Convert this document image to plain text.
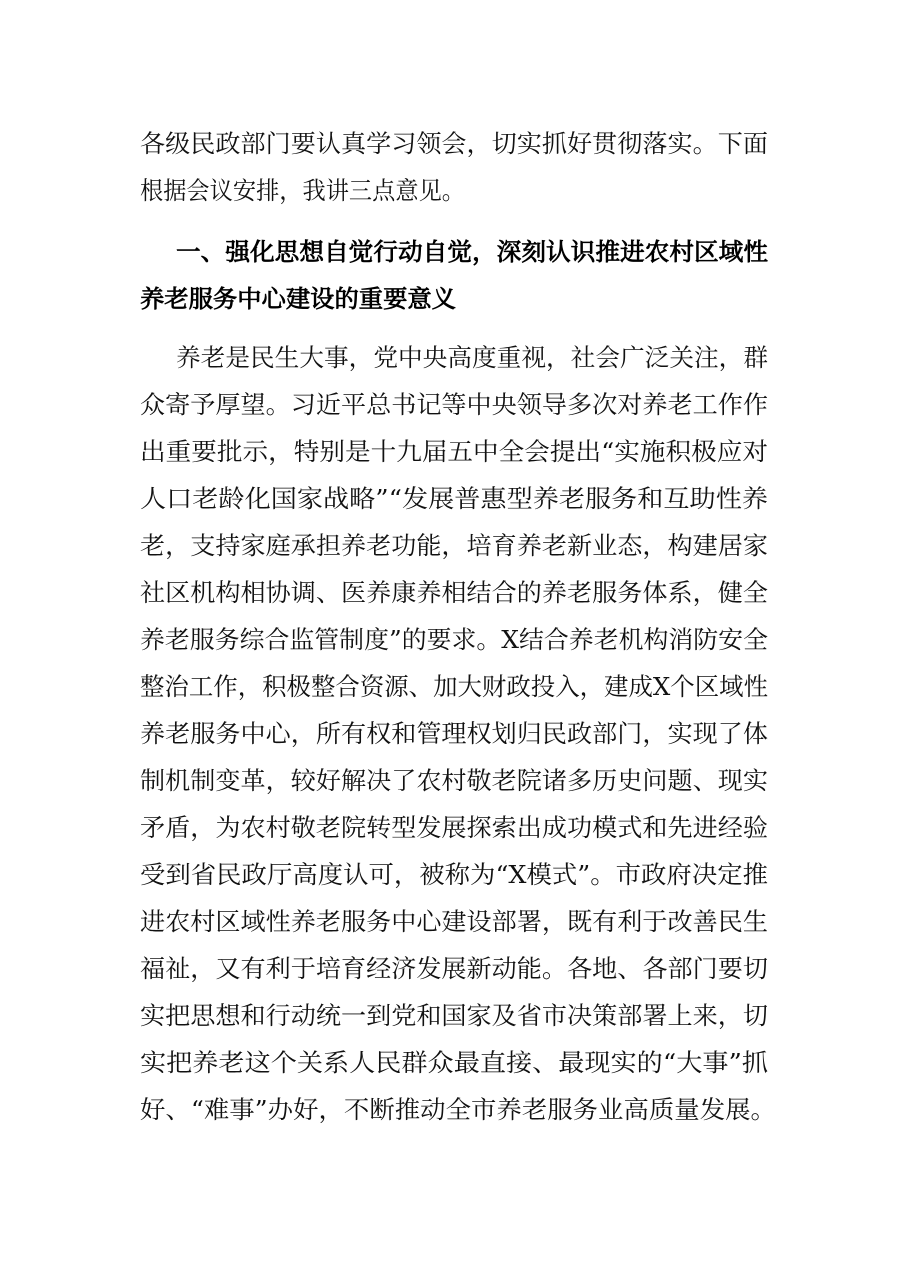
各级民政部门要认真学习领会，切实抓好贯彻落实。下面
根据会议安排，我讲三点意见。
一、强化思想自觉行动自觉，深刻认识推进农村区域性
养老服务中心建设的重要意义
养老是民生大事，党中央高度重视，社会广泛关注，群
众寄予厚望。习近平总书记等中央领导多次对养老工作作
出重要批示，特别是十九届五中全会提出“实施积极应对
人口老龄化国家战略”“发展普惠型养老服务和互助性养
老，支持家庭承担养老功能，培育养老新业态，构建居家
社区机构相协调、医养康养相结合的养老服务体系，健全
养老服务综合监管制度”的要求。X结合养老机构消防安全
整治工作，积极整合资源、加大财政投入，建成X个区域性
养老服务中心，所有权和管理权划归民政部门，实现了体
制机制变革，较好解决了农村敬老院诸多历史问题、现实
矛盾，为农村敬老院转型发展探索出成功模式和先进经验
受到省民政厅高度认可，被称为“X模式”。市政府决定推
进农村区域性养老服务中心建设部署，既有利于改善民生
福祉，又有利于培育经济发展新动能。各地、各部门要切
实把思想和行动统一到党和国家及省市决策部署上来，切
实把养老这个关系人民群众最直接、最现实的“大事”抓
好、“难事”办好，不断推动全市养老服务业高质量发展。
